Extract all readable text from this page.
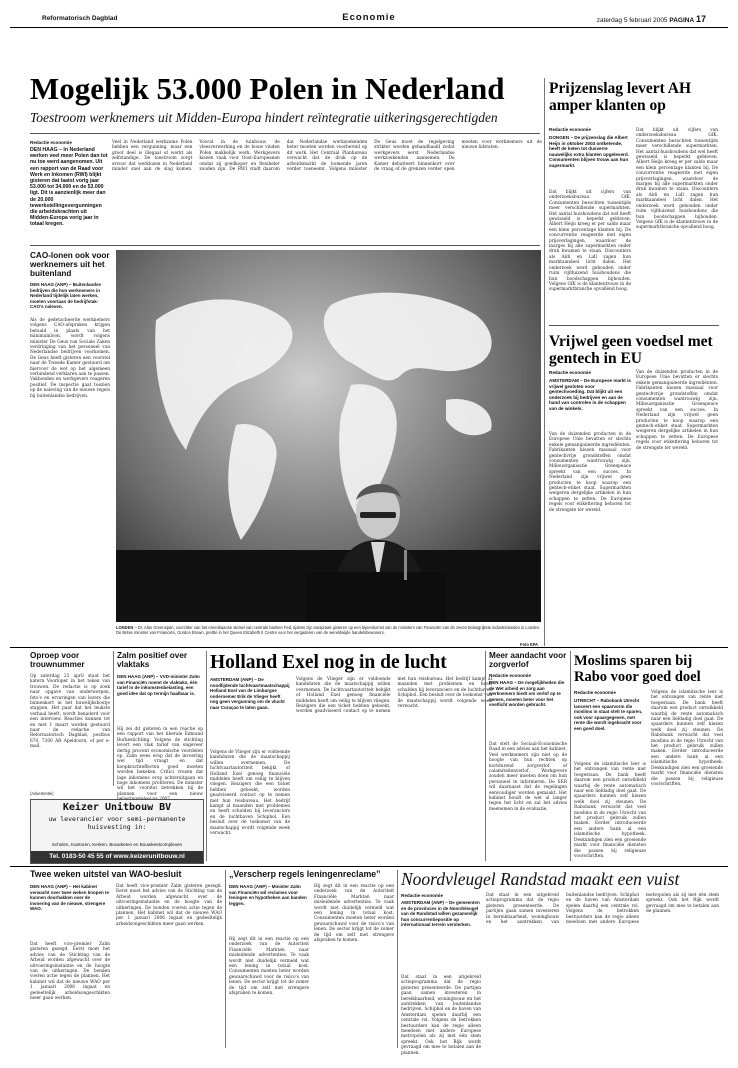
Reformatorisch Dagblad	Economie	zaterdag 5 februari 2005 PAGINA 17
Mogelijk 53.000 Polen in Nederland
Toestroom werknemers uit Midden-Europa hindert reïntegratie uitkeringsgerechtigden
Redactie economie
DEN HAAG – In Nederland werken veel meer Polen dan tot nu toe werd aangenomen. Uit een rapport van de Raad voor Werk en Inkomen (RWI) blijkt gisteren dat laatst vorig jaar 53.000 tot 34.000 en de 53.000 ligt. Dit is aanzienlijk meer dan de 20.000 tewerkstellingsvergunningen die arbeidskrachten uit Midden-Europa vorig jaar in totaal kregen.
Veel in Nederland werkzame Polen hebben een vergunning, maar een groot deel is illegaal of werkt als zelfstandige. De toestroom zorgt ervoor dat werklozen in Nederland minder snel aan de slag komen. Vooral in de tuinbouw, de vleesverwerking en de bouw vinden Polen makkelijk werk. Werkgevers kiezen vaak voor Oost-Europeanen omdat zij goedkoper en flexibeler zouden zijn. De RWI vindt daarom dat Nederlandse werkzoekenden beter moeten worden voorbereid op dit werk. Het Centraal Planbureau verwacht dat de druk op de arbeidsmarkt de komende jaren verder toeneemt. Volgens minister De Geus moet de regelgeving strikter worden gehandhaafd zodat werkgevers eerst Nederlandse werkzoekenden aannemen. De Kamer debatteert binnenkort over de vraag of de grenzen verder open moeten voor werknemers uit de nieuwe lidstaten.
CAO-lonen ook voor werknemers uit het buitenland
DEN HAAG (ANP) – Buitenlandse bedrijven die hun werknemers in Nederland tijdelijk laten werken, moeten voortaan de bedrijfstak-CAO's naleven.
Als de gedetacheerde werknemers volgens CAO-afspraken krijgen betaald in plaats van het minimumloon, wordt volgens minister De Geus van Sociale Zaken verdringing van het personeel van Nederlandse bedrijven voorkomen. De Geus heeft gisteren een voorstel naar de Tweede Kamer gestuurd om hiervoor de wet op het algemeen verbindend verklaren aan te passen. Vakbonden en werkgevers reageren positief. De inspectie gaat toezien op de naleving van de nieuwe regels bij buitenlandse bedrijven.
LONDEN – Dr. Alan Greenspan, voorzitter van het Amerikaanse stelsel van centrale banken Fed, tijdens zijn toespraak gisteren op een bijeenkomst van de ministers van Financiën van de zeven belangrijkste industrielanden in Londen. De Britse minister van Financiën, Gordon Brown, prettte in het Queen Elizabeth II Centre voor het vergaderen van de wereldwijde handelsbewoners.
Foto EPA
Prijzenslag levert AH amper klanten op
Redactie economie
DONGEN – De prijzenslag die Albert Heijn in oktober 2003 ontketende, heeft de keten tot dusverre nauwelijks extra klanten opgeleverd. Consumenten blijven trouw aan hun supermarkt.
Dat blijkt uit cijfers van onderzoeksbureau GfK. Consumenten bezochten tussentijds meer verschillende supermarkten. Het aantal huishoudens dat wel heeft gewisseld is beperkt gebleven. Albert Heijn kreeg er per saldo maar een klein percentage klanten bij. De concurrentie reageerde met eigen prijsverlagingen, waardoor de marges bij alle supermarkten onder druk kwamen te staan. Discounters als Aldi en Lidl zagen hun marktaandeel licht dalen. Het onderzoek werd gehouden onder ruim vijfduizend huishoudens die hun boodschappen bijhouden. Volgens GfK is de klantentrouw in de supermarktbranche opvallend hoog.
Dat blijkt uit cijfers van onderzoeksbureau GfK. Consumenten bezochten tussentijds meer verschillende supermarkten. Het aantal huishoudens dat wel heeft gewisseld is beperkt gebleven. Albert Heijn kreeg er per saldo maar een klein percentage klanten bij. De concurrentie reageerde met eigen prijsverlagingen, waardoor de marges bij alle supermarkten onder druk kwamen te staan. Discounters als Aldi en Lidl zagen hun marktaandeel licht dalen. Het onderzoek werd gehouden onder ruim vijfduizend huishoudens die hun boodschappen bijhouden. Volgens GfK is de klantentrouw in de supermarktbranche opvallend hoog.
Vrijwel geen voedsel met gentech in EU
Redactie economie
AMSTERDAM – De Europese markt is vrijwel gesloten voor gentechvoeding. Dat blijkt uit een onderzoek bij bedrijven en aan de hand van controles in de schappen van de winkels.
Van de duizenden producten in de Europese Unie bevatten er slechts enkele gemanipuleerde ingrediënten. Fabrikanten kiezen massaal voor gentechvrije grondstoffen omdat consumenten wantrouwig zijn. Milieuorganisatie Greenpeace spreekt van een succes. In Nederland zijn vrijwel geen producten te koop waarop een gentech-etiket staat. Supermarkten weigeren dergelijke artikelen in hun schappen te zetten. De Europese regels voor etikettering behoren tot de strengste ter wereld.
Van de duizenden producten in de Europese Unie bevatten er slechts enkele gemanipuleerde ingrediënten. Fabrikanten kiezen massaal voor gentechvrije grondstoffen omdat consumenten wantrouwig zijn. Milieuorganisatie Greenpeace spreekt van een succes. In Nederland zijn vrijwel geen producten te koop waarop een gentech-etiket staat. Supermarkten weigeren dergelijke artikelen in hun schappen te zetten. De Europese regels voor etikettering behoren tot de strengste ter wereld.
Oproep voor trouwnummer
Op zaterdag 23 april staat het katern Voorloper in het teken van trouwen. De redactie is op zoek naar opgave van onderwerpen, foto's en ervaringen van lezers die binnenkort in het huwelijksbootje stappen. Het paar dat het leukste verhaal heeft, wordt benaderd voor een interview. Reacties kunnen tot en met 1 maart worden gestuurd naar de redactie van Reformatorisch Dagblad, postbus 670, 7300 AR Apeldoorn, of per e-mail.
Zalm positief over vlaktaks
DEN HAAG (ANP) – VVD-minister Zalm van Financiën noemt de vlaktaks, één tarief in de inkomstenbelasting, een goed idee dat op termijn haalbaar is.
Hij zei dit gisteren in een reactie op een rapport van het liberale Edmund Burkestichting. Volgens de stichting levert een vlak tarief van ongeveer dertig procent economische voordelen op. Zalm wees erop dat de invoering wel tijd vraagt en dat koopkrachteffecten goed moeten worden bekeken. Critici vrezen dat lage inkomens erop achteruitgaan en hoge inkomens profiteren. De minister wil het voorstel betrekken bij de plannen voor een nieuw
Holland Exel nog in de lucht
AMSTERDAM (ANP) – De noodlijdende luchtvaartmaatschappij Holland Exel van de Limburgse ondernemer Erik de Vlieger heeft nog geen vergunning om de vlucht naar Curaçao te laten gaan.
Volgens de Vlieger zijn er voldoende kandidaten die de maatschappij willen overnemen. De luchtvaartautoriteit bekijkt of Holland Exel genoeg financiële middelen heeft om veilig te blijven vliegen. Reizigers die een ticket hebben geboekt, worden geadviseerd contact op te nemen met hun reisbureau. Het bedrijf kampt al maanden met problemen en heeft schulden bij leveranciers en de luchthaven Schiphol. Een besluit over de toekomst van de maatschappij wordt volgende week verwacht.
Volgens de Vlieger zijn er voldoende kandidaten die de maatschappij willen overnemen. De luchtvaartautoriteit bekijkt of Holland Exel genoeg financiële middelen heeft om veilig te blijven vliegen. Reizigers die een ticket hebben geboekt, worden geadviseerd contact op te nemen met hun reisbureau. Het bedrijf kampt al maanden met problemen en heeft schulden bij leveranciers en de luchthaven Schiphol. Een besluit over de toekomst van de maatschappij wordt volgende week verwacht.
Meer aandacht voor zorgverlof
Redactie economie
DEN HAAG – De mogelijkheden die de Wet arbeid en zorg aan werknemers biedt om verlof op te nemen, moeten beter voor het voetlicht worden gebracht.
Dat stelt de Sociaal-Economische Raad in een advies aan het kabinet. Veel werknemers zijn niet op de hoogte van hun rechten op kortdurend zorgverlof of calamiteitenverlof. Werkgevers zouden meer moeten doen om hun personeel te informeren. De SER wil daarnaast dat de regelingen eenvoudiger worden gemaakt. Het kabinet houdt de wet al langer tegen het licht en zal het advies meenemen in de evaluatie.
Moslims sparen bij Rabo voor goed doel
Redactie economie
UTRECHT – Rabobank Utrecht lanceert een spaarvorm die moslims in staat stelt te sparen, ook voor spaargegeven, met rente die wordt ingebracht voor een goed doel.
Volgens de islamitische leer is het ontvangen van rente niet toegestaan. De bank heeft daarom een product ontwikkeld waarbij de rente automatisch naar een liefdadig doel gaat. De spaarders kunnen zelf kiezen welk doel zij steunen. De Rabobank verwacht dat veel moslims in de regio Utrecht van het product gebruik zullen maken. Eerder introduceerde een andere bank al een islamitische hypotheek. Deskundigen zien een groeiende markt voor financiële diensten die passen bij religieuze voorschriften.
Volgens de islamitische leer is het ontvangen van rente niet toegestaan. De bank heeft daarom een product ontwikkeld waarbij de rente automatisch naar een liefdadig doel gaat. De spaarders kunnen zelf kiezen welk doel zij steunen. De Rabobank verwacht dat veel moslims in de regio Utrecht van het product gebruik zullen maken. Eerder introduceerde een andere bank al een islamitische hypotheek. Deskundigen zien een groeiende markt voor financiële diensten die passen bij religieuze voorschriften.
(Advertentie)
Keizer Unitbouw BV
uw leverancier voor semi-permanente huisvesting in:
Scholen, Kantoren, Kerken, Bouwketen en Bouwkeetcomplexen
Tel. 0183-50 45 55 of www.keizerunitbouw.nl
Twee weken uitstel van WAO-besluit
DEN HAAG (ANP) – Het kabinet verwacht over twee weken knopen te kunnen doorhakken over de invoering van de nieuwe, strengere WAO.
Dat heeft vice-premier Zalm gisteren gezegd. Eerst moet het advies van de Stichting van de Arbeid worden afgewacht over de uitvoeringsinstantie en de hoogte van de uitkeringen. De bonden voeren actie tegen de plannen. Het kabinet wil dat de nieuwe WAO per 1 januari 2006 ingaat en gedeeltelijk arbeidsongeschikten meer gaan werken.
Dat heeft vice-premier Zalm gisteren gezegd. Eerst moet het advies van de Stichting van de Arbeid worden afgewacht over de uitvoeringsinstantie en de hoogte van de uitkeringen. De bonden voeren actie tegen de plannen. Het kabinet wil dat de nieuwe WAO per 1 januari 2006 ingaat en gedeeltelijk arbeidsongeschikten meer gaan werken.
„Verscherp regels leningenreclame”
DEN HAAG (ANP) – Minister Zalm van Financiën wil reclames voor leningen en hypotheken aan banden leggen.
Hij zegt dit in een reactie op een onderzoek van de Autoriteit Financiële Markten naar misleidende advertenties. Te vaak wordt niet duidelijk vermeld wat een lening in totaal kost. Consumenten moeten beter worden gewaarschuwd voor de risico's van lenen. De sector krijgt tot de zomer de tijd om zelf met strengere afspraken te komen.
Hij zegt dit in een reactie op een onderzoek van de Autoriteit Financiële Markten naar misleidende advertenties. Te vaak wordt niet duidelijk vermeld wat een lening in totaal kost. Consumenten moeten beter worden gewaarschuwd voor de risico's van lenen. De sector krijgt tot de zomer de tijd om zelf met strengere afspraken te komen.
Noordvleugel Randstad maakt een vuist
Redactie economie
AMSTERDAM (ANP) – De gemeenten en de provincies in de Noordvleugel van de Randstad willen gezamenlijk hun concurrentiepositie op internationaal terrein versterken.
Dat staat in een uitgebreid actieprogramma dat de regio gisteren presenteerde. De partijen gaan samen investeren in bereikbaarheid, woningbouw en het aantrekken van buitenlandse bedrijven. Schiphol en de haven van Amsterdam spelen daarbij een centrale rol. Volgens de betrokken bestuurders kan de regio alleen meedoen met andere Europese metropolen als zij met één stem spreekt. Ook het Rijk wordt gevraagd om mee te betalen aan de plannen.
Dat staat in een uitgebreid actieprogramma dat de regio gisteren presenteerde. De partijen gaan samen investeren in bereikbaarheid, woningbouw en het aantrekken van buitenlandse bedrijven. Schiphol en de haven van Amsterdam spelen daarbij een centrale rol. Volgens de betrokken bestuurders kan de regio alleen meedoen met andere Europese metropolen als zij met één stem spreekt. Ook het Rijk wordt gevraagd om mee te betalen aan de plannen.
